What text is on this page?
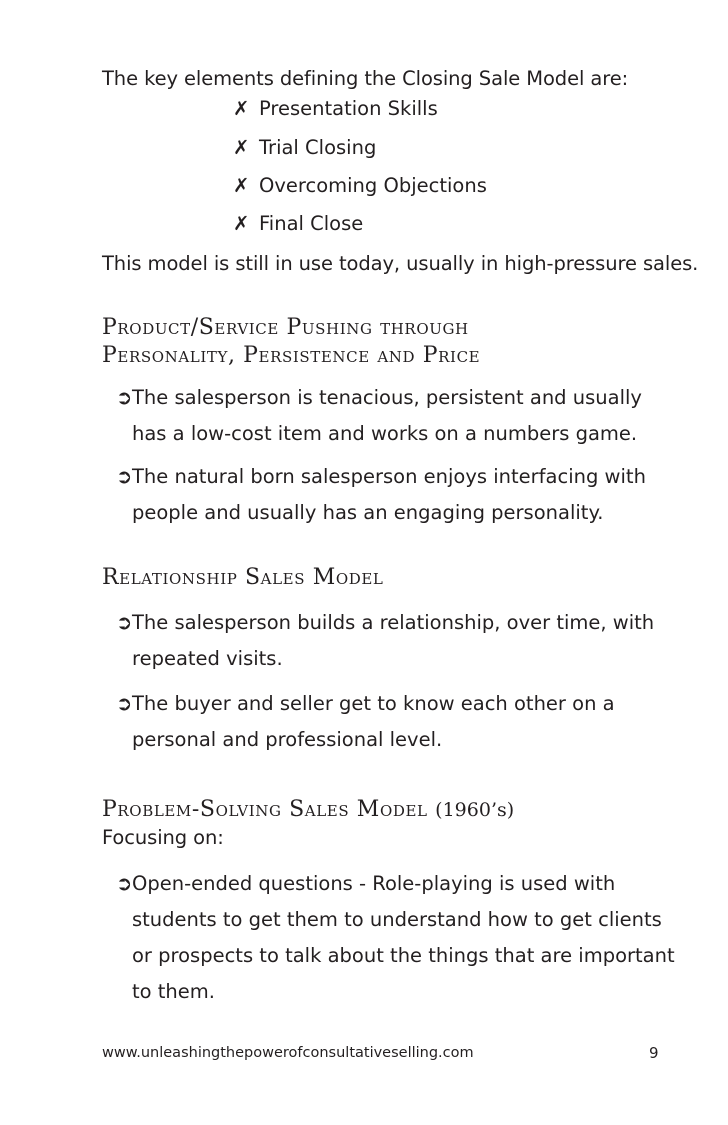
The key elements defining the Closing Sale Model are:
✗ Presentation Skills
✗ Trial Closing
✗ Overcoming Objections
✗ Final Close
This model is still in use today, usually in high-pressure sales.
Product/Service Pushing through
Personality, Persistence and Price
➲ The salesperson is tenacious, persistent and usually has a low-cost item and works on a numbers game.
➲ The natural born salesperson enjoys interfacing with people and usually has an engaging personality.
Relationship Sales Model
➲ The salesperson builds a relationship, over time, with repeated visits.
➲ The buyer and seller get to know each other on a personal and professional level.
Problem-Solving Sales Model (1960’s)
Focusing on:
➲ Open-ended questions - Role-playing is used with students to get them to understand how to get clients or prospects to talk about the things that are important to them.
www.unleashingthepowerofconsultativeselling.com	9
